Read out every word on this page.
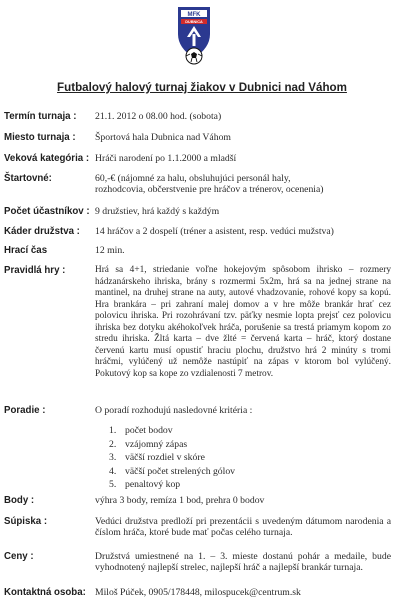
MFK
DUBNICA
Futbalový halový turnaj žiakov v Dubnici nad Váhom
Termín turnaja : 21.1. 2012 o 08.00 hod. (sobota)
Miesto turnaja : Športová hala Dubnica nad Váhom
Veková kategória : Hráči narodení po 1.1.2000 a mladší
Štartovné:	60,-€ (nájomné za halu, obsluhujúci personál haly,
rozhodcovia, občerstvenie pre hráčov a trénerov, ocenenia)
Počet účastníkov : 9 družstiev, hrá každý s každým
Káder družstva : 14 hráčov a 2 dospelí (tréner a asistent, resp. vedúci mužstva)
Hrací čas	12 min.
Pravidlá hry :	Hrá sa 4+1, striedanie voľne hokejovým spôsobom ihrisko – rozmery hádzanárskeho ihriska, brány s rozmermi 5x2m, hrá sa na jednej strane na mantinel, na druhej strane na auty, autové vhadzovanie, rohové kopy sa kopú. Hra brankára – pri zahraní malej domov a v hre môže brankár hrať cez polovicu ihriska. Pri rozohrávaní tzv. päťky nesmie lopta prejsť cez polovicu ihriska bez dotyku akéhokoľvek hráča, porušenie sa trestá priamym kopom zo stredu ihriska. Žltá karta – dve žlté = červená karta – hráč, ktorý dostane červenú kartu musí opustiť hraciu plochu, družstvo hrá 2 minúty s tromi hráčmi, vylúčený už nemôže nastúpiť na zápas v ktorom bol vylúčený. Pokutový kop sa kope zo vzdialenosti 7 metrov.
Poradie :	O poradí rozhodujú nasledovné kritéria :
1. počet bodov
2. vzájomný zápas
3. väčší rozdiel v skóre
4. väčší počet strelených gólov
5. penaltový kop
Body :	výhra 3 body, remíza 1 bod, prehra 0 bodov
Súpiska :	Vedúci družstva predloží pri prezentácii s uvedeným dátumom narodenia a číslom hráča, ktoré bude mať počas celého turnaja.
Ceny :	Družstvá umiestnené na 1. – 3. mieste dostanú pohár a medaile, bude vyhodnotený najlepší strelec, najlepší hráč a najlepší brankár turnaja.
Kontaktná osoba: Miloš Púček, 0905/178448, milospucek@centrum.sk
